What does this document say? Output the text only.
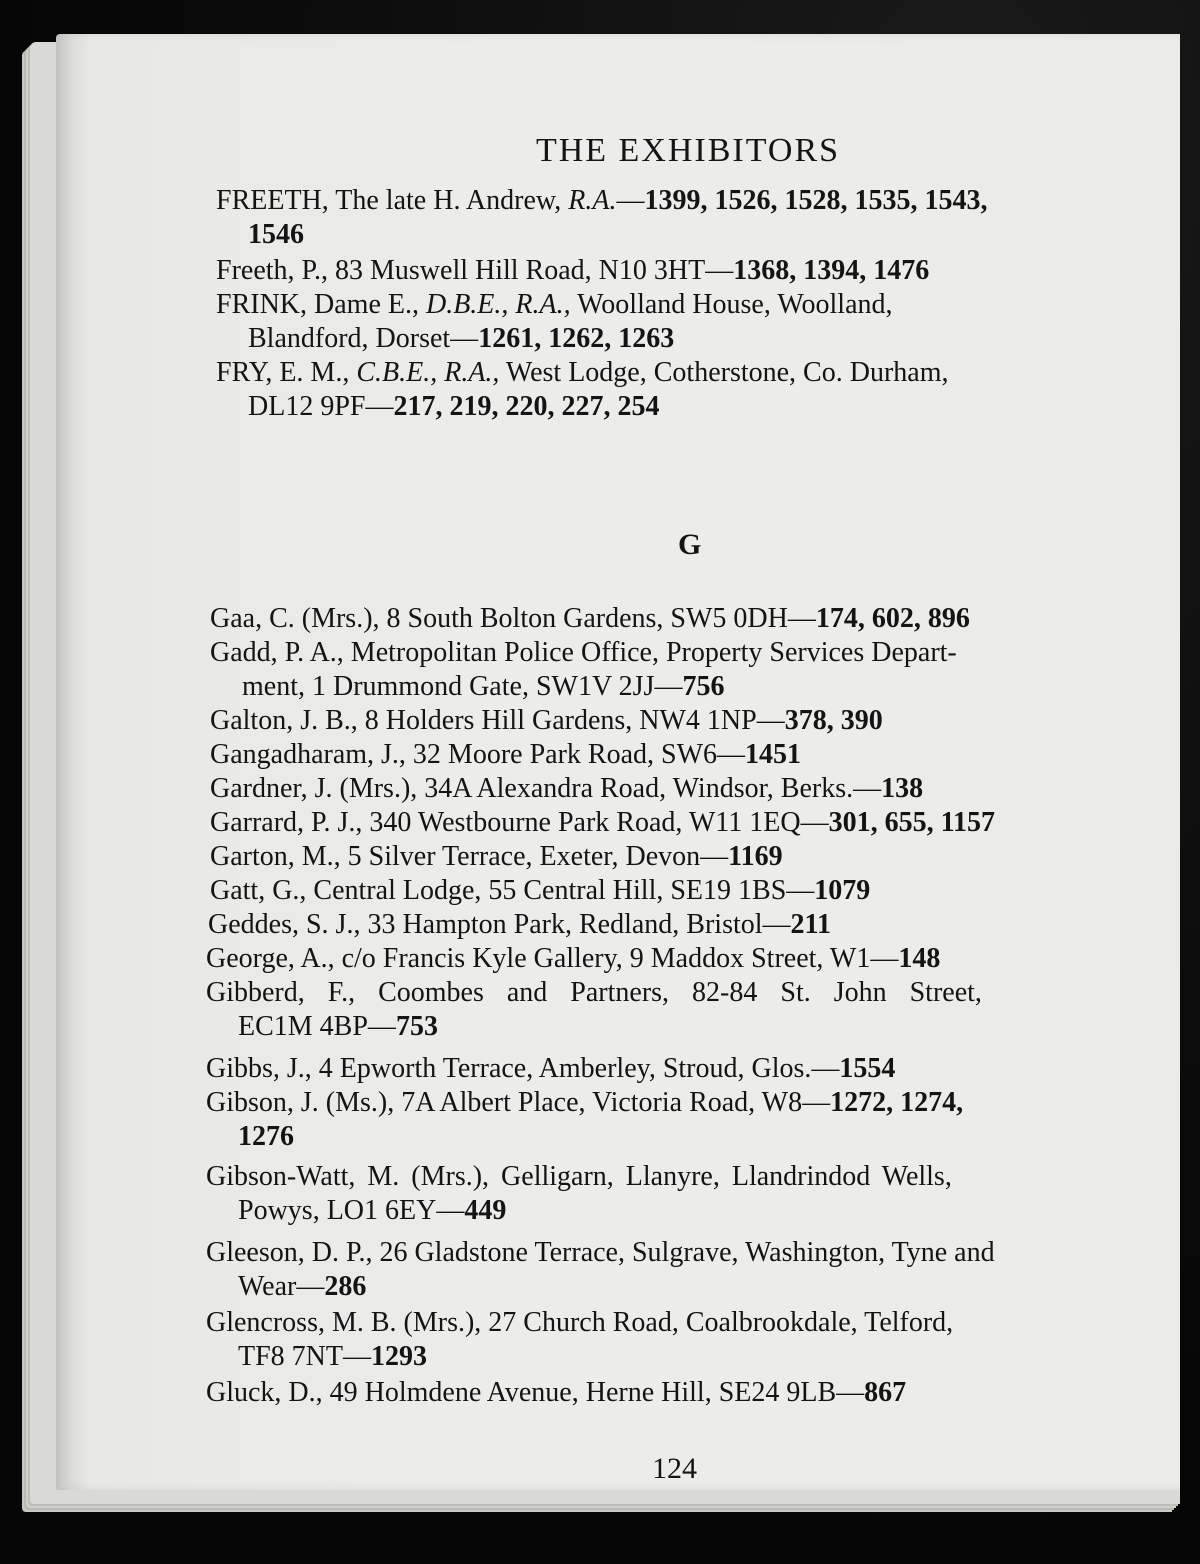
THE EXHIBITORS
FREETH, The late H. Andrew, R.A.—1399, 1526, 1528, 1535, 1543,
1546
Freeth, P., 83 Muswell Hill Road, N10 3HT—1368, 1394, 1476
FRINK, Dame E., D.B.E., R.A., Woolland House, Woolland,
Blandford, Dorset—1261, 1262, 1263
FRY, E. M., C.B.E., R.A., West Lodge, Cotherstone, Co. Durham,
DL12 9PF—217, 219, 220, 227, 254
G
Gaa, C. (Mrs.), 8 South Bolton Gardens, SW5 0DH—174, 602, 896
Gadd, P. A., Metropolitan Police Office, Property Services Depart-
ment, 1 Drummond Gate, SW1V 2JJ—756
Galton, J. B., 8 Holders Hill Gardens, NW4 1NP—378, 390
Gangadharam, J., 32 Moore Park Road, SW6—1451
Gardner, J. (Mrs.), 34A Alexandra Road, Windsor, Berks.—138
Garrard, P. J., 340 Westbourne Park Road, W11 1EQ—301, 655, 1157
Garton, M., 5 Silver Terrace, Exeter, Devon—1169
Gatt, G., Central Lodge, 55 Central Hill, SE19 1BS—1079
Geddes, S. J., 33 Hampton Park, Redland, Bristol—211
George, A., c/o Francis Kyle Gallery, 9 Maddox Street, W1—148
Gibberd, F., Coombes and Partners, 82-84 St. John Street,
EC1M 4BP—753
Gibbs, J., 4 Epworth Terrace, Amberley, Stroud, Glos.—1554
Gibson, J. (Ms.), 7A Albert Place, Victoria Road, W8—1272, 1274,
1276
Gibson-Watt, M. (Mrs.), Gelligarn, Llanyre, Llandrindod Wells,
Powys, LO1 6EY—449
Gleeson, D. P., 26 Gladstone Terrace, Sulgrave, Washington, Tyne and
Wear—286
Glencross, M. B. (Mrs.), 27 Church Road, Coalbrookdale, Telford,
TF8 7NT—1293
Gluck, D., 49 Holmdene Avenue, Herne Hill, SE24 9LB—867
124
